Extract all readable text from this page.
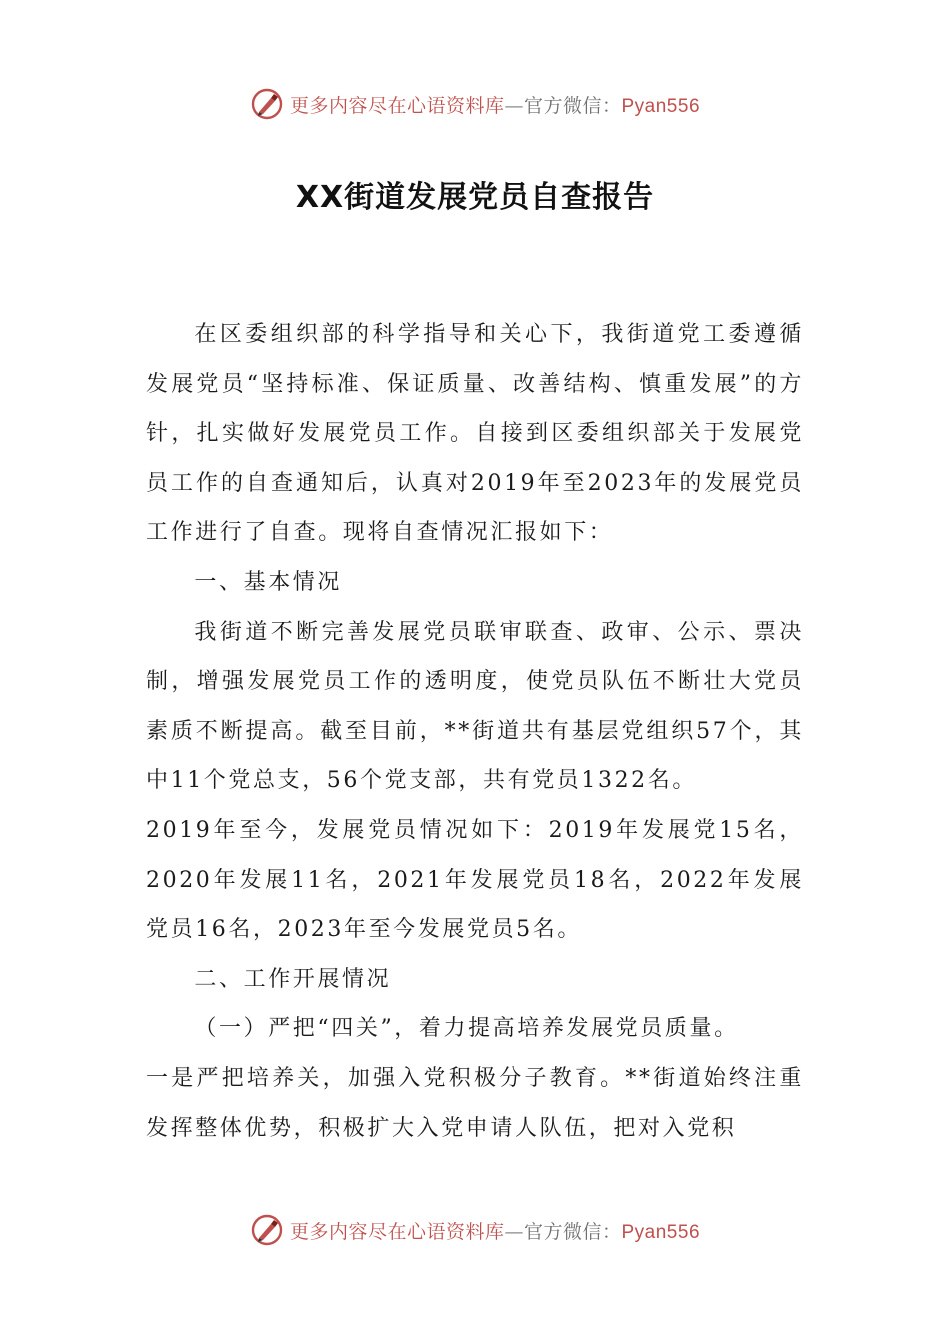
更多内容尽在心语资料库—官方微信：Pyan556
XX街道发展党员自查报告

在区委组织部的科学指导和关心下，我街道党工委遵循发展党员“坚持标准、保证质量、改善结构、慎重发展”的方针，扎实做好发展党员工作。自接到区委组织部关于发展党员工作的自查通知后，认真对2019年至2023年的发展党员工作进行了自查。现将自查情况汇报如下：

一、基本情况

我街道不断完善发展党员联审联查、政审、公示、票决制，增强发展党员工作的透明度，使党员队伍不断壮大党员素质不断提高。截至目前，**街道共有基层党组织57个，其中11个党总支，56个党支部，共有党员1322名。

2019年至今，发展党员情况如下：2019年发展党15名，2020年发展11名，2021年发展党员18名，2022年发展党员16名，2023年至今发展党员5名。

二、工作开展情况

（一）严把“四关”，着力提高培养发展党员质量。

一是严把培养关，加强入党积极分子教育。**街道始终注重发挥整体优势，积极扩大入党申请人队伍，把对入党积

更多内容尽在心语资料库—官方微信：Pyan556
